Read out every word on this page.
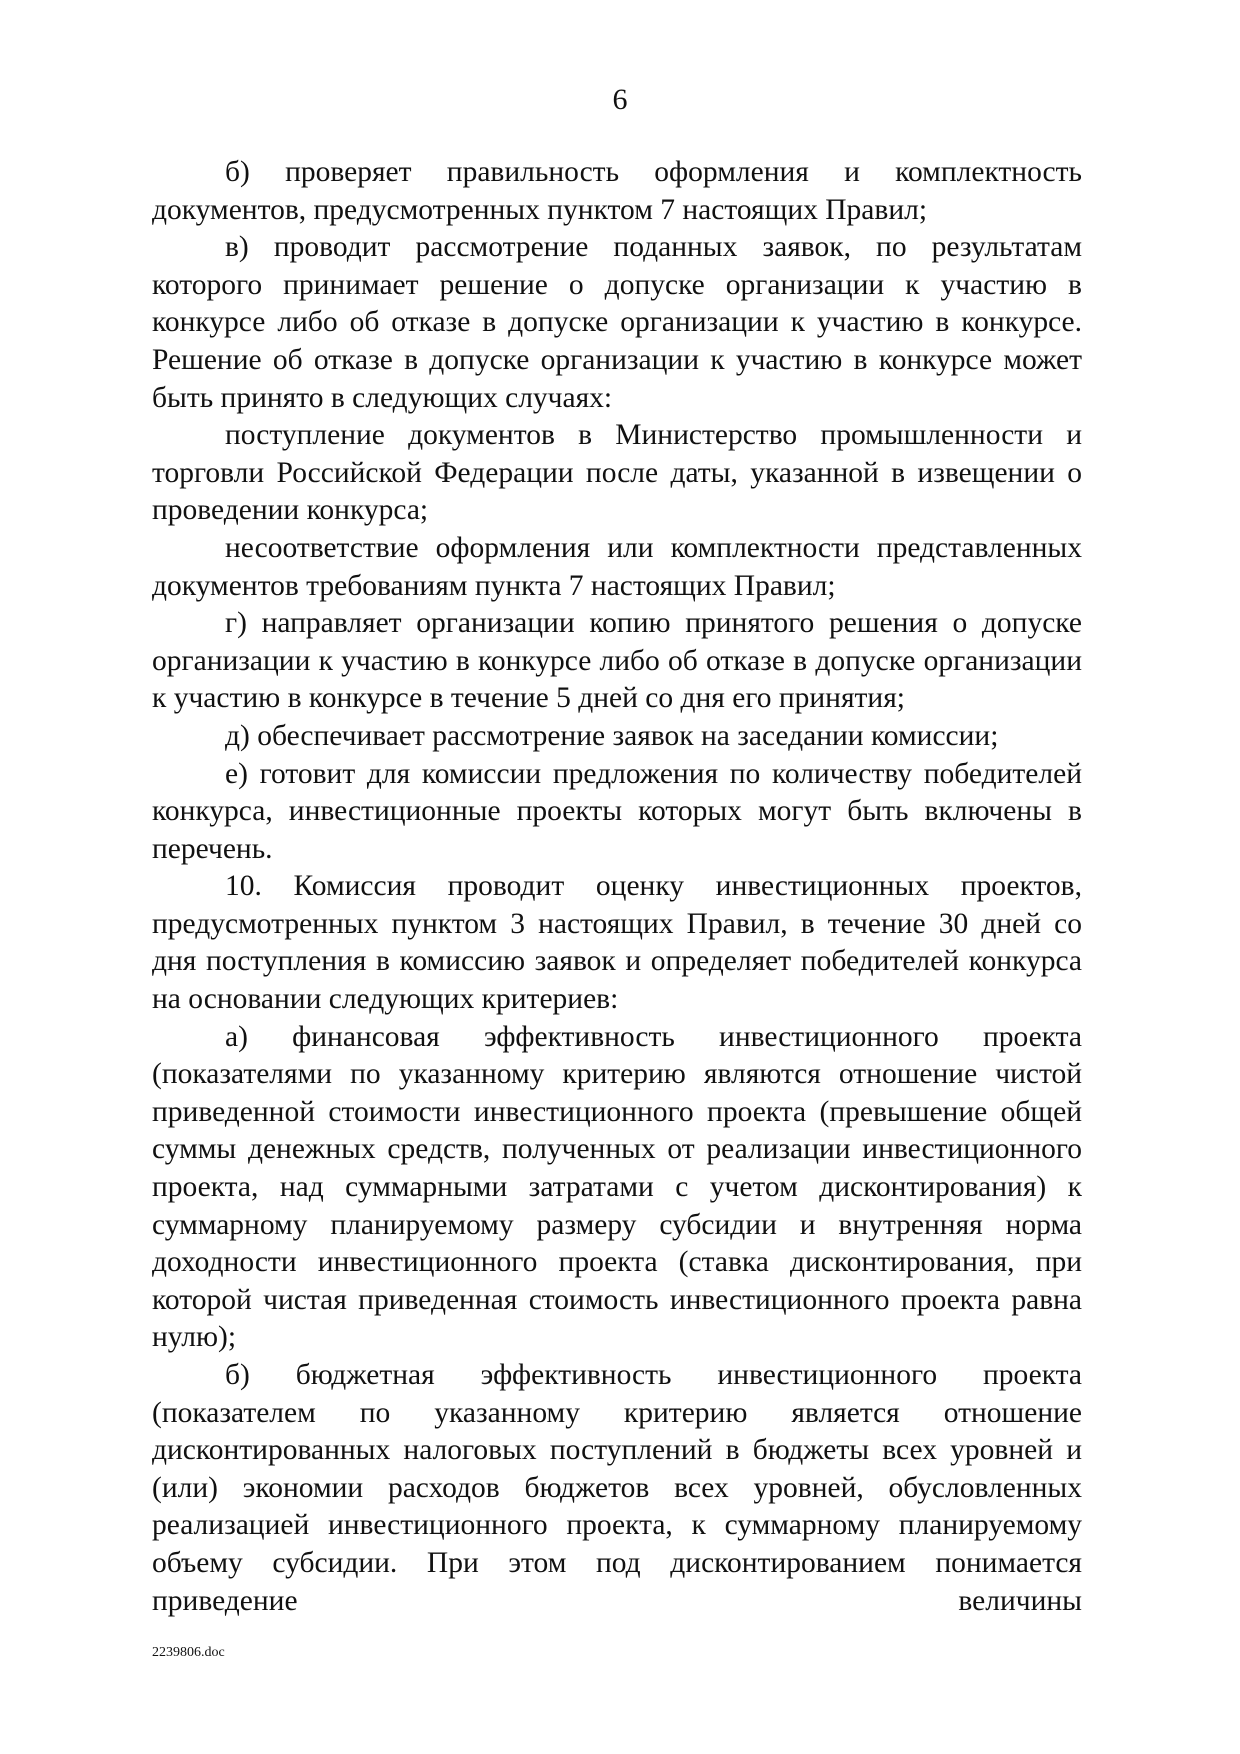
6

б) проверяет правильность оформления и комплектность документов, предусмотренных пунктом 7 настоящих Правил;

в) проводит рассмотрение поданных заявок, по результатам которого принимает решение о допуске организации к участию в конкурсе либо об отказе в допуске организации к участию в конкурсе. Решение об отказе в допуске организации к участию в конкурсе может быть принято в следующих случаях:

поступление документов в Министерство промышленности и торговли Российской Федерации после даты, указанной в извещении о проведении конкурса;

несоответствие оформления или комплектности представленных документов требованиям пункта 7 настоящих Правил;

г) направляет организации копию принятого решения о допуске организации к участию в конкурсе либо об отказе в допуске организации к участию в конкурсе в течение 5 дней со дня его принятия;

д) обеспечивает рассмотрение заявок на заседании комиссии;

е) готовит для комиссии предложения по количеству победителей конкурса, инвестиционные проекты которых могут быть включены в перечень.

10. Комиссия проводит оценку инвестиционных проектов, предусмотренных пунктом 3 настоящих Правил, в течение 30 дней со дня поступления в комиссию заявок и определяет победителей конкурса на основании следующих критериев:

а) финансовая эффективность инвестиционного проекта (показателями по указанному критерию являются отношение чистой приведенной стоимости инвестиционного проекта (превышение общей суммы денежных средств, полученных от реализации инвестиционного проекта, над суммарными затратами с учетом дисконтирования) к суммарному планируемому размеру субсидии и внутренняя норма доходности инвестиционного проекта (ставка дисконтирования, при которой чистая приведенная стоимость инвестиционного проекта равна нулю);

б) бюджетная эффективность инвестиционного проекта (показателем по указанному критерию является отношение дисконтированных налоговых поступлений в бюджеты всех уровней и (или) экономии расходов бюджетов всех уровней, обусловленных реализацией инвестиционного проекта, к суммарному планируемому объему субсидии. При этом под дисконтированием понимается приведение величины

2239806.doc
